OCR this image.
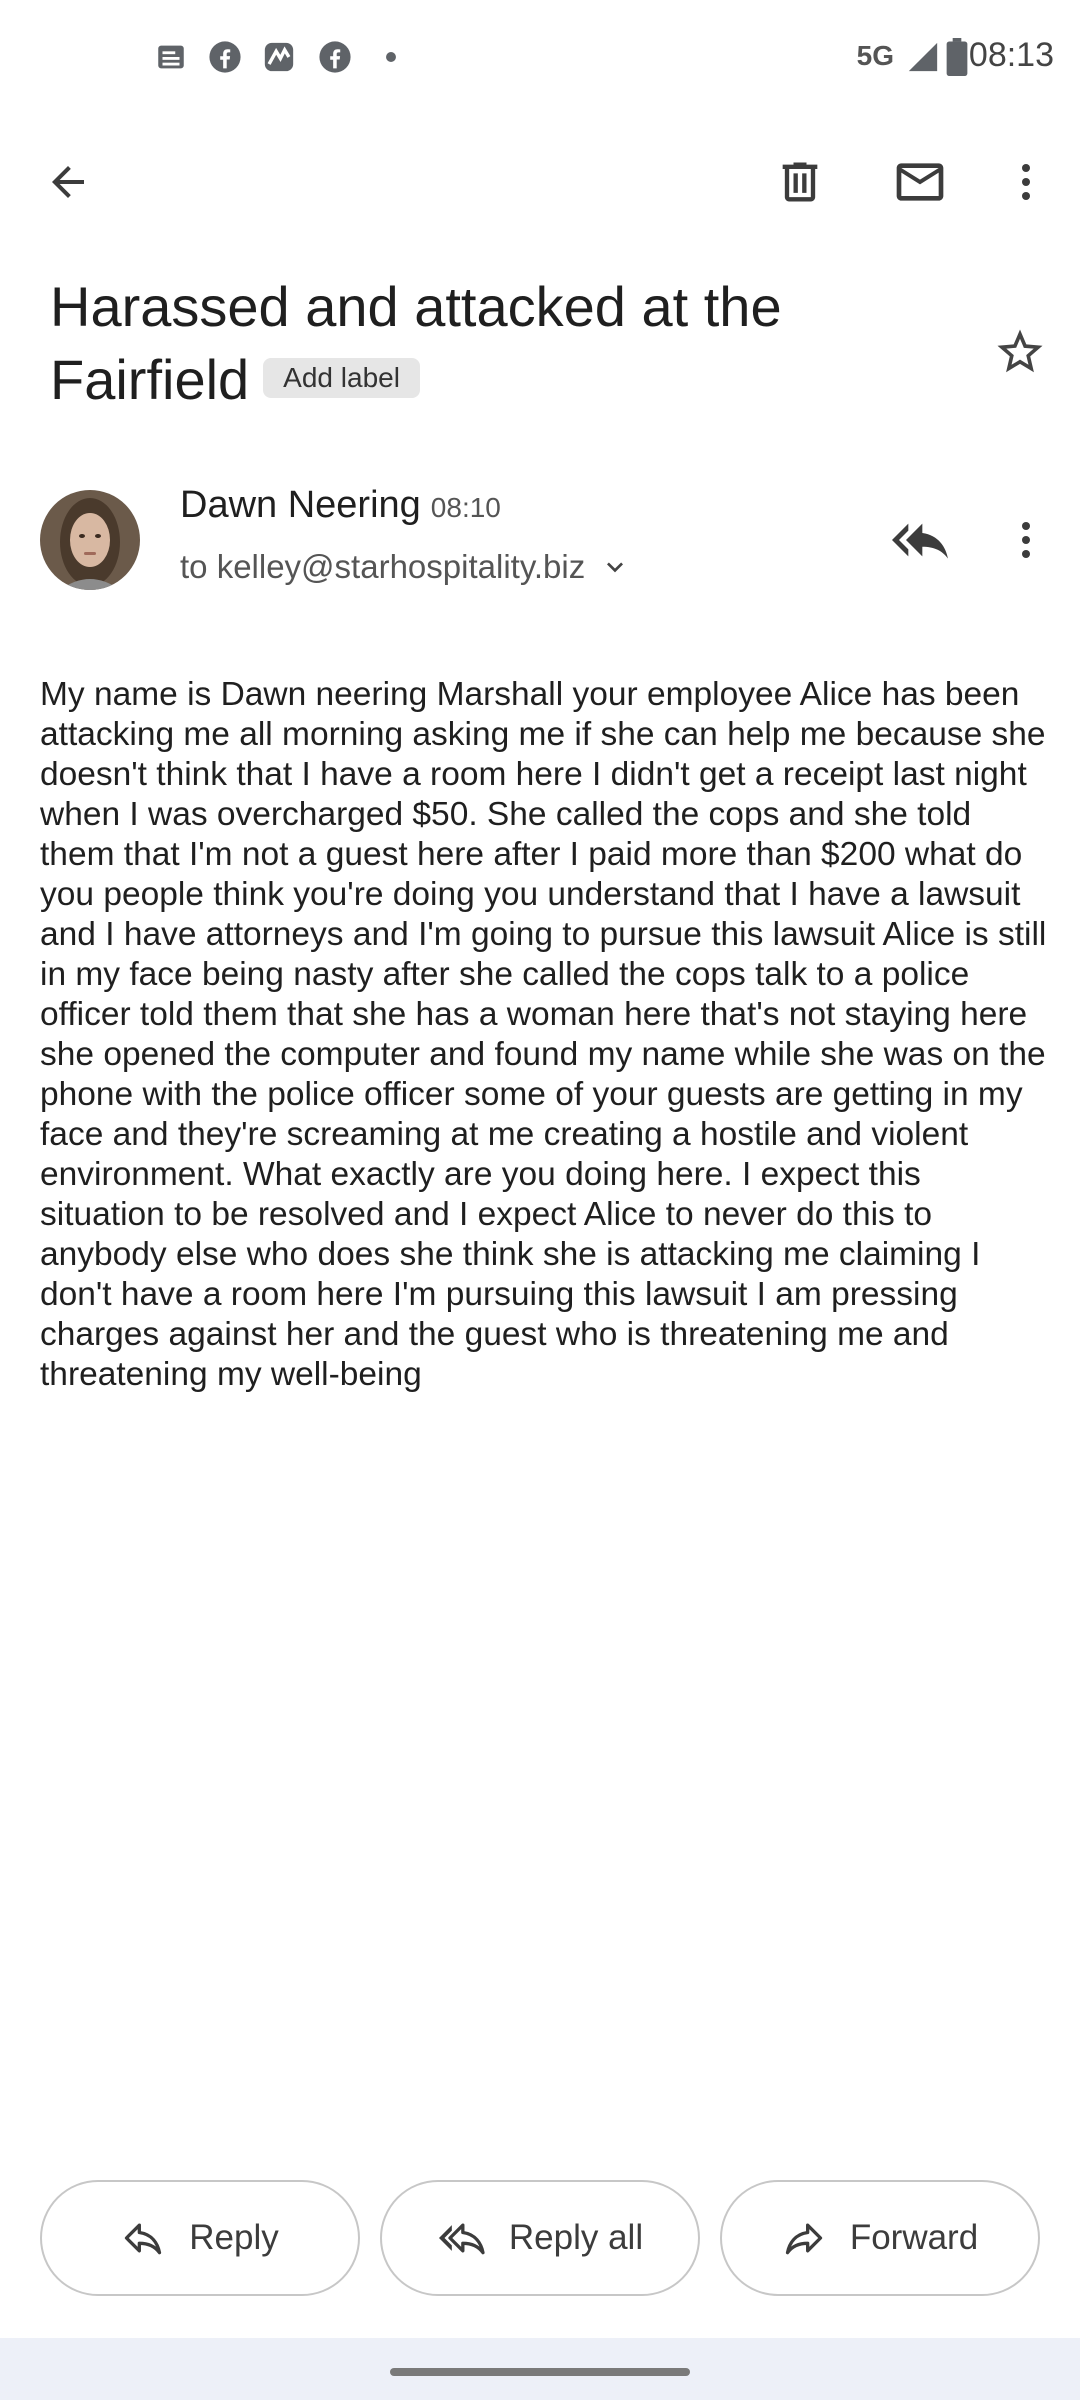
5G 08:13
Harassed and attacked at the Fairfield Add label
Dawn Neering 08:10
to kelley@starhospitality.biz
My name is Dawn neering Marshall your employee Alice has been attacking me all morning asking me if she can help me because she doesn't think that I have a room here I didn't get a receipt last night when I was overcharged $50. She called the cops and she told them that I'm not a guest here after I paid more than $200 what do you people think you're doing you understand that I have a lawsuit and I have attorneys and I'm going to pursue this lawsuit Alice is still in my face being nasty after she called the cops talk to a police officer told them that she has a woman here that's not staying here she opened the computer and found my name while she was on the phone with the police officer some of your guests are getting in my face and they're screaming at me creating a hostile and violent environment. What exactly are you doing here. I expect this situation to be resolved and I expect Alice to never do this to anybody else who does she think she is attacking me claiming I don't have a room here I'm pursuing this lawsuit I am pressing charges against her and the guest who is threatening me and threatening my well-being
Reply	Reply all	Forward
